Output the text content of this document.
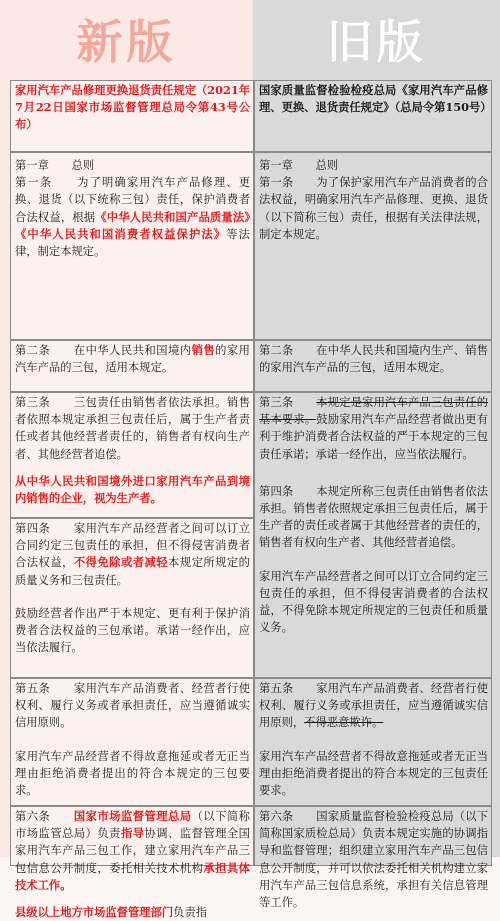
新版	旧版

家用汽车产品修理更换退货责任规定（2021年7月22日国家市场监督管理总局令第43号公布）

国家质量监督检验检疫总局《家用汽车产品修理、更换、退货责任规定》（总局令第150号）

第一章　　总则

第一条　　为了明确家用汽车产品修理、更换、退货（以下统称三包）责任，保护消费者合法权益，根据《中华人民共和国产品质量法》《中华人民共和国消费者权益保护法》等法律，制定本规定。

第一章　　总则

第一条　　为了保护家用汽车产品消费者的合法权益，明确家用汽车产品修理、更换、退货（以下简称三包）责任，根据有关法律法规，制定本规定。

第二条　　在中华人民共和国境内销售的家用汽车产品的三包，适用本规定。

第二条　　在中华人民共和国境内生产、销售的家用汽车产品的三包，适用本规定。

第三条　　三包责任由销售者依法承担。销售者依照本规定承担三包责任后，属于生产者责任或者其他经营者责任的，销售者有权向生产者、其他经营者追偿。

从中华人民共和国境外进口家用汽车产品到境内销售的企业，视为生产者。

第三条　　本规定是家用汽车产品三包责任的基本要求。鼓励家用汽车产品经营者做出更有利于维护消费者合法权益的严于本规定的三包责任承诺；承诺一经作出，应当依法履行。

第四条　　本规定所称三包责任由销售者依法承担。销售者依照规定承担三包责任后，属于生产者的责任或者属于其他经营者的责任的，销售者有权向生产者、其他经营者追偿。

家用汽车产品经营者之间可以订立合同约定三包责任的承担，但不得侵害消费者的合法权益，不得免除本规定所规定的三包责任和质量义务。

第四条　　家用汽车产品经营者之间可以订立合同约定三包责任的承担，但不得侵害消费者合法权益，不得免除或者减轻本规定所规定的质量义务和三包责任。

鼓励经营者作出严于本规定、更有利于保护消费者合法权益的三包承诺。承诺一经作出，应当依法履行。

第五条　　家用汽车产品消费者、经营者行使权利、履行义务或者承担责任，应当遵循诚实信用原则。

家用汽车产品经营者不得故意拖延或者无正当理由拒绝消费者提出的符合本规定的三包要求。

第五条　　家用汽车产品消费者、经营者行使权利、履行义务或承担责任，应当遵循诚实信用原则，不得恶意欺诈。

家用汽车产品经营者不得故意拖延或者无正当理由拒绝消费者提出的符合本规定的三包责任要求。

第六条　　国家市场监督管理总局（以下简称市场监管总局）负责指导协调、监督管理全国家用汽车产品三包工作，建立家用汽车产品三包信息公开制度，委托相关技术机构承担具体技术工作。

县级以上地方市场监督管理部门负责指

第六条　　国家质量监督检验检疫总局（以下简称国家质检总局）负责本规定实施的协调指导和监督管理；组织建立家用汽车产品三包信息公开制度，并可以依法委托相关机构建立家用汽车产品三包信息系统，承担有关信息管理等工作。
